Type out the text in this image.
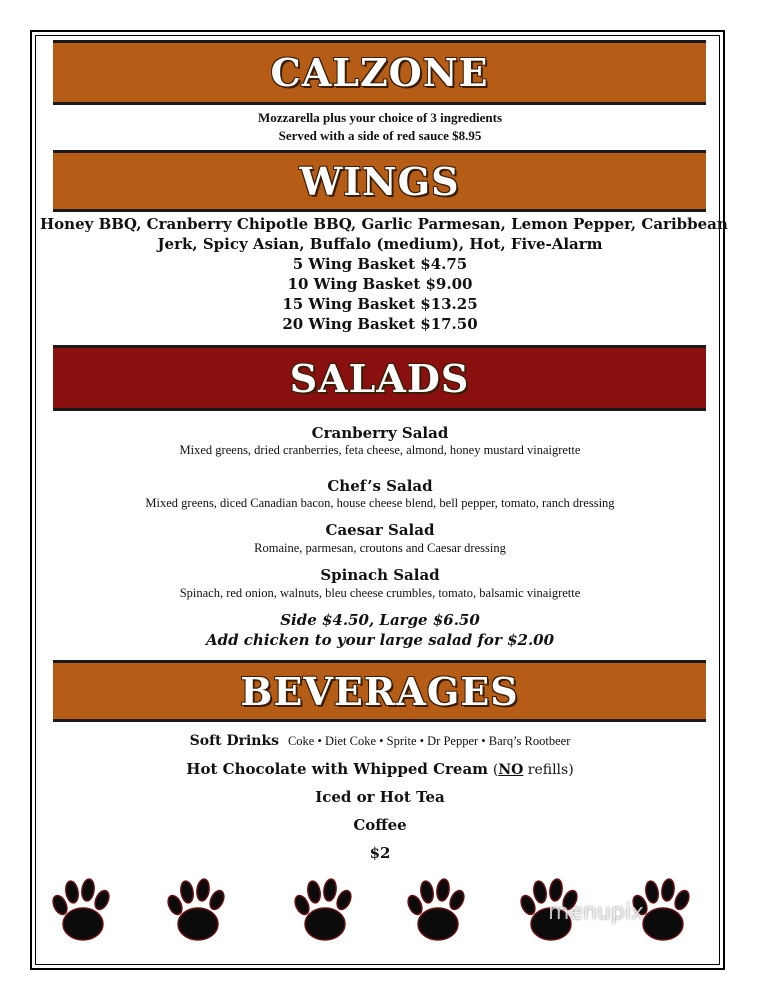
CALZONE
Mozzarella plus your choice of 3 ingredients
Served with a side of red sauce $8.95
WINGS
Honey BBQ, Cranberry Chipotle BBQ, Garlic Parmesan, Lemon Pepper, Caribbean
Jerk, Spicy Asian, Buffalo (medium), Hot, Five-Alarm
5 Wing Basket $4.75
10 Wing Basket $9.00
15 Wing Basket $13.25
20 Wing Basket $17.50
SALADS
Cranberry Salad
Mixed greens, dried cranberries, feta cheese, almond, honey mustard vinaigrette
Chef’s Salad
Mixed greens, diced Canadian bacon, house cheese blend, bell pepper, tomato, ranch dressing
Caesar Salad
Romaine, parmesan, croutons and Caesar dressing
Spinach Salad
Spinach, red onion, walnuts, bleu cheese crumbles, tomato, balsamic vinaigrette
Side $4.50, Large $6.50
Add chicken to your large salad for $2.00
BEVERAGES
Soft Drinks Coke • Diet Coke • Sprite • Dr Pepper • Barq’s Rootbeer
Hot Chocolate with Whipped Cream (NO refills)
Iced or Hot Tea
Coffee
$2
menupix
